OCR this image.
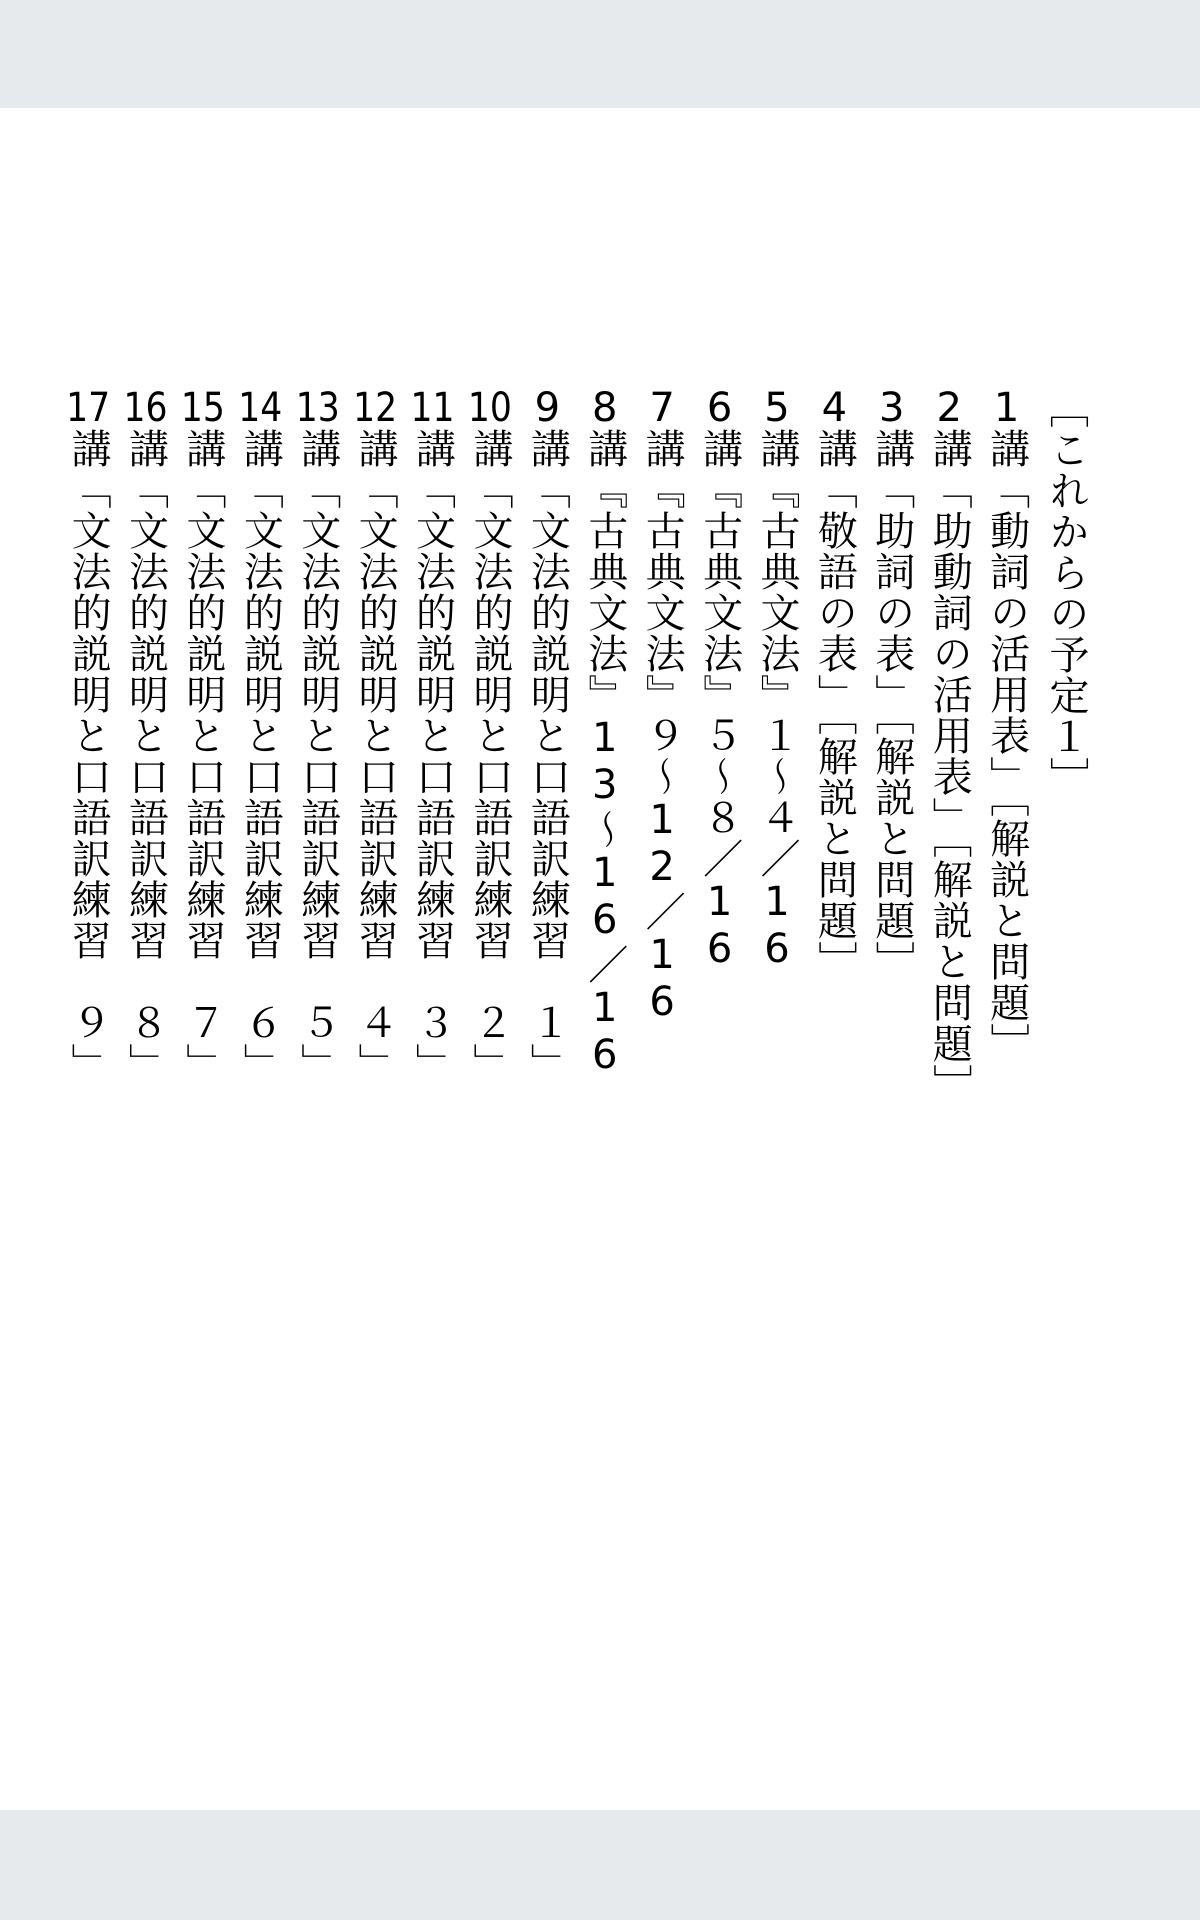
［これからの予定１］
1講「動詞の活用表」［解説と問題］
2講「助動詞の活用表」［解説と問題］
3講「助詞の表」［解説と問題］
4講「敬語の表」［解説と問題］
5講『古典文法』１〜４／16
6講『古典文法』５〜８／16
7講『古典文法』９〜12／16
8講『古典文法』13〜16／16
9講「文法的説明と口語訳練習　１」
10講「文法的説明と口語訳練習　２」
11講「文法的説明と口語訳練習　３」
12講「文法的説明と口語訳練習　４」
13講「文法的説明と口語訳練習　５」
14講「文法的説明と口語訳練習　６」
15講「文法的説明と口語訳練習　７」
16講「文法的説明と口語訳練習　８」
17講「文法的説明と口語訳練習　９」
